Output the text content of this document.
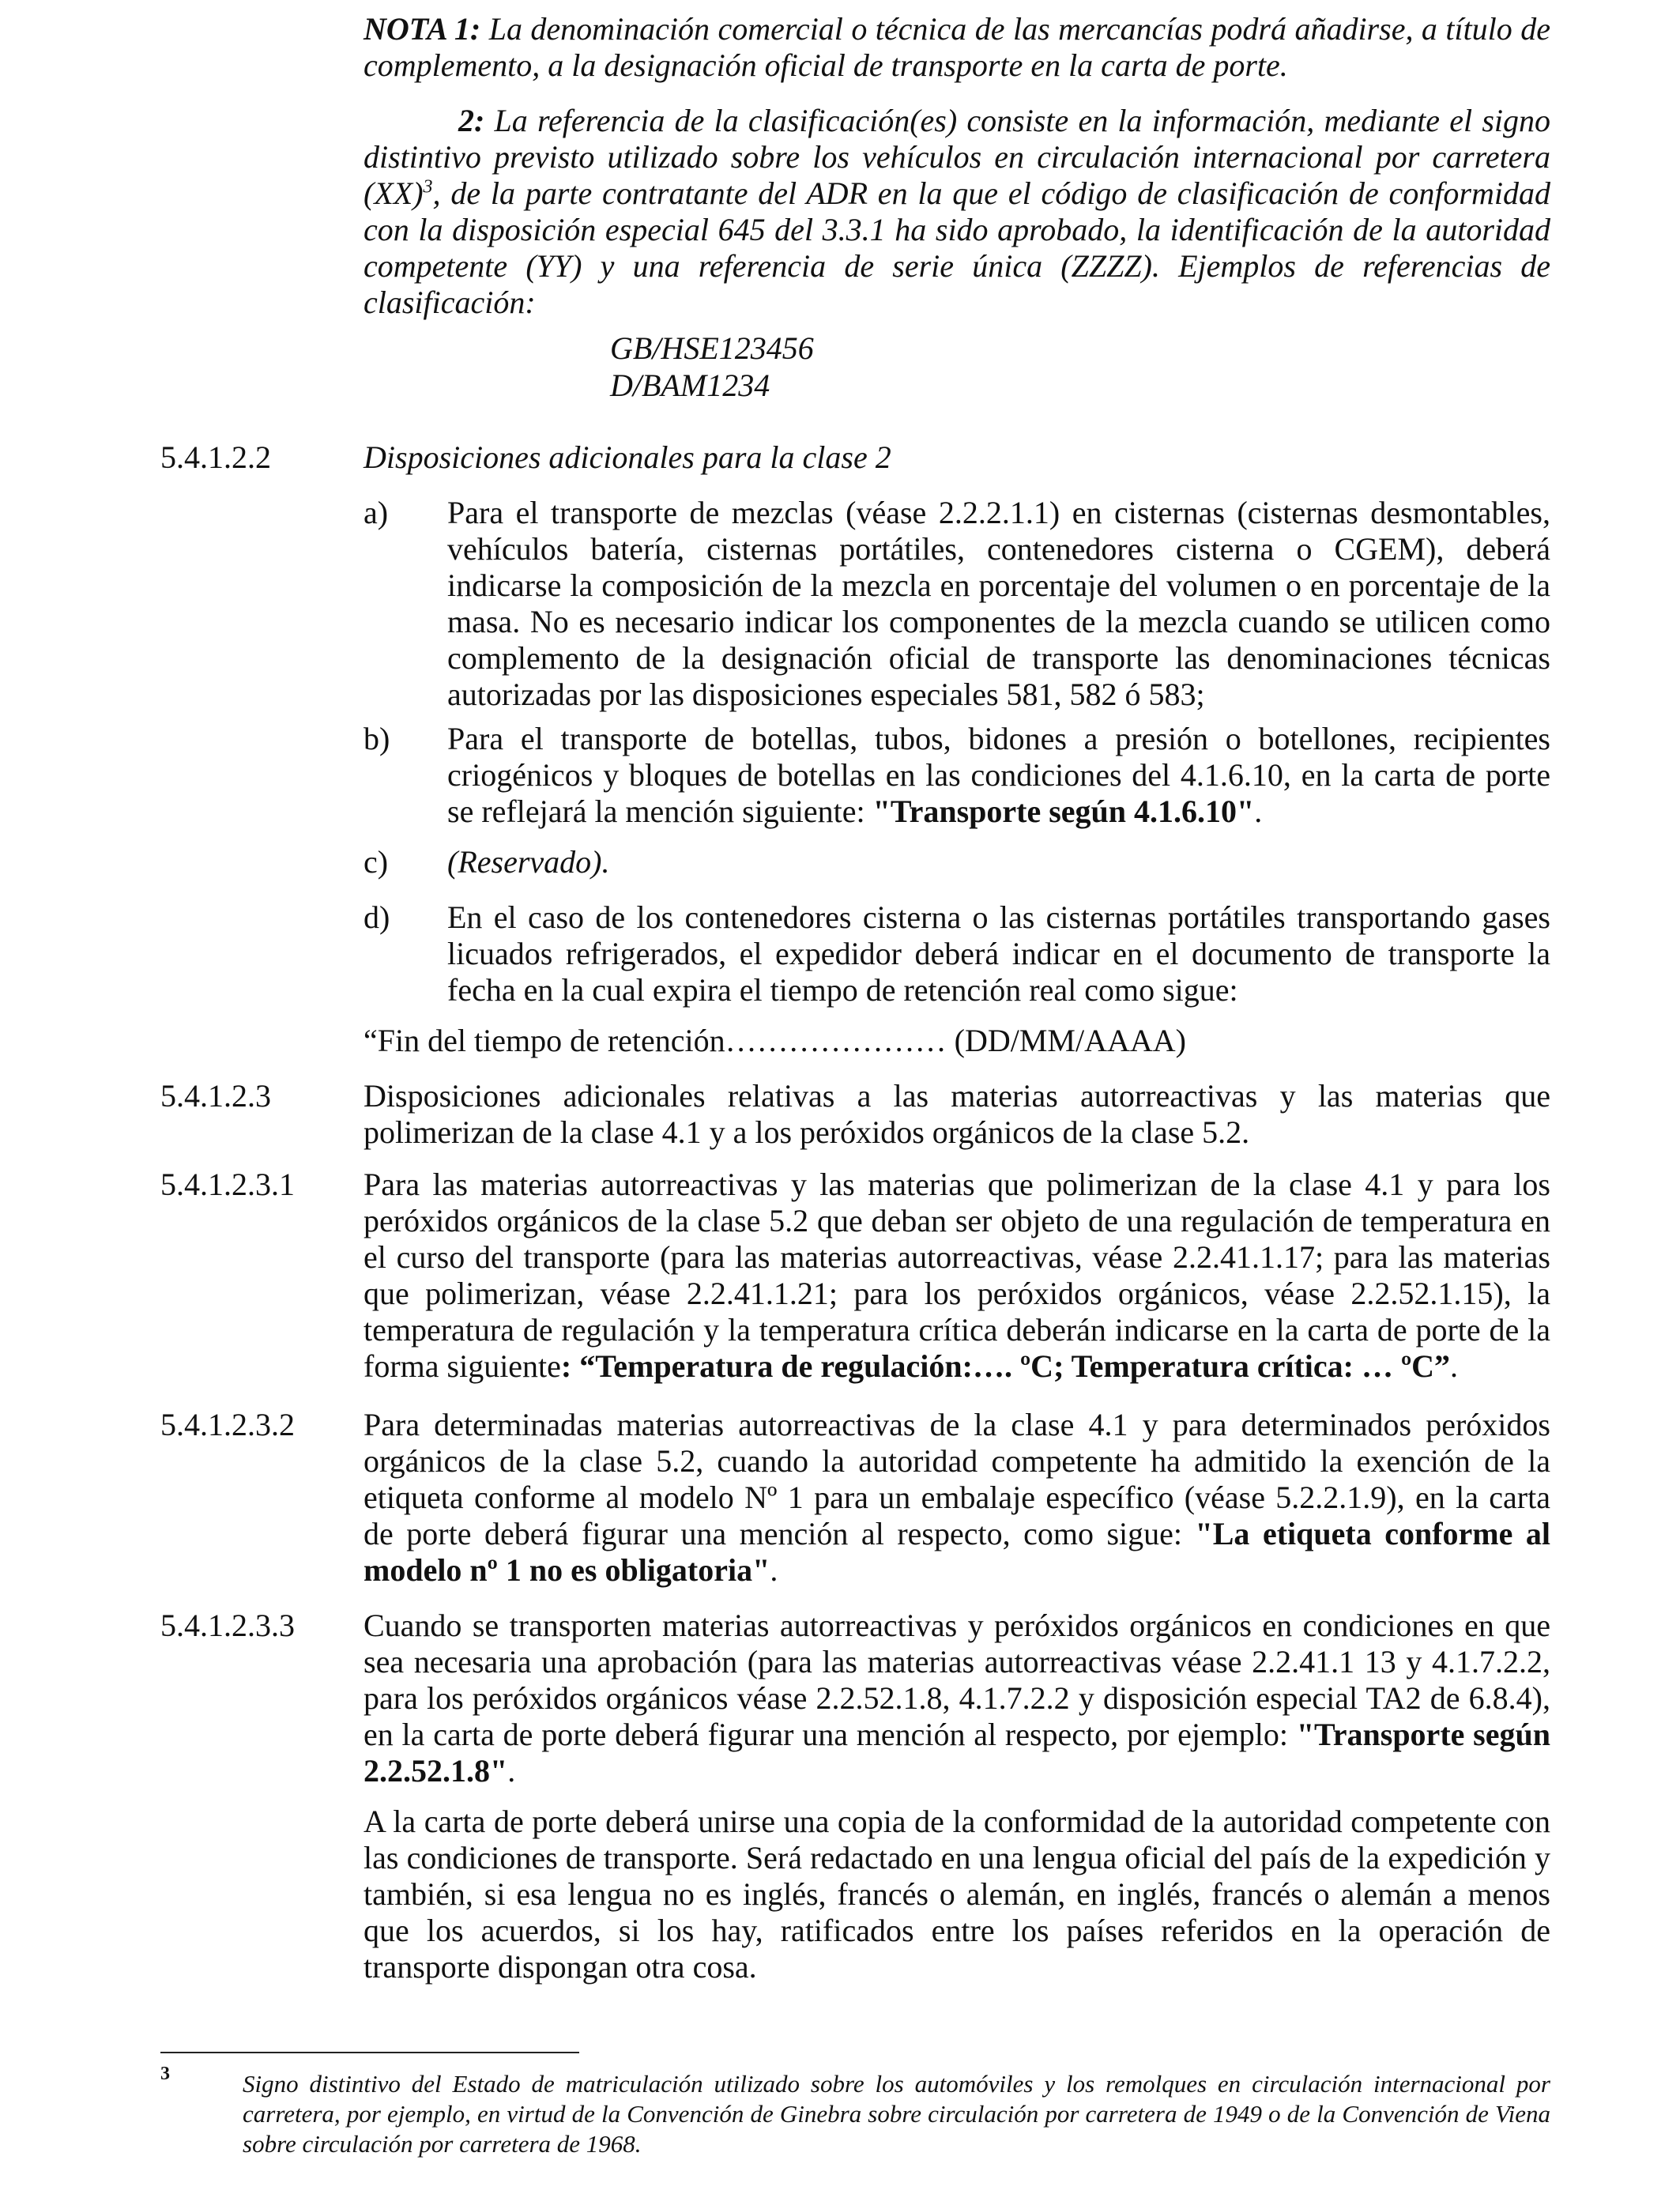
NOTA 1: La denominación comercial o técnica de las mercancías podrá añadirse, a título de complemento, a la designación oficial de transporte en la carta de porte.

2: La referencia de la clasificación(es) consiste en la información, mediante el signo distintivo previsto utilizado sobre los vehículos en circulación internacional por carretera (XX)$^3$, de la parte contratante del ADR en la que el código de clasificación de conformidad con la disposición especial 645 del 3.3.1 ha sido aprobado, la identificación de la autoridad competente (YY) y una referencia de serie única (ZZZZ). Ejemplos de referencias de clasificación:

GB/HSE123456
D/BAM1234
5.4.1.2.2	Disposiciones adicionales para la clase 2
a) Para el transporte de mezclas (véase 2.2.2.1.1) en cisternas (cisternas desmontables, vehículos batería, cisternas portátiles, contenedores cisterna o CGEM), deberá indicarse la composición de la mezcla en porcentaje del volumen o en porcentaje de la masa. No es necesario indicar los componentes de la mezcla cuando se utilicen como complemento de la designación oficial de transporte las denominaciones técnicas autorizadas por las disposiciones especiales 581, 582 ó 583;
b) Para el transporte de botellas, tubos, bidones a presión o botellones, recipientes criogénicos y bloques de botellas en las condiciones del 4.1.6.10, en la carta de porte se reflejará la mención siguiente: "Transporte según 4.1.6.10".
c) (Reservado).
d) En el caso de los contenedores cisterna o las cisternas portátiles transportando gases licuados refrigerados, el expedidor deberá indicar en el documento de transporte la fecha en la cual expira el tiempo de retención real como sigue:
“Fin del tiempo de retención………………… (DD/MM/AAAA)
5.4.1.2.3	Disposiciones adicionales relativas a las materias autorreactivas y las materias que polimerizan de la clase 4.1 y a los peróxidos orgánicos de la clase 5.2.

5.4.1.2.3.1 Para las materias autorreactivas y las materias que polimerizan de la clase 4.1 y para los peróxidos orgánicos de la clase 5.2 que deban ser objeto de una regulación de temperatura en el curso del transporte (para las materias autorreactivas, véase 2.2.41.1.17; para las materias que polimerizan, véase 2.2.41.1.21; para los peróxidos orgánicos, véase 2.2.52.1.15), la temperatura de regulación y la temperatura crítica deberán indicarse en la carta de porte de la forma siguiente: “Temperatura de regulación:…. ºC; Temperatura crítica: … ºC”.

5.4.1.2.3.2 Para determinadas materias autorreactivas de la clase 4.1 y para determinados peróxidos orgánicos de la clase 5.2, cuando la autoridad competente ha admitido la exención de la etiqueta conforme al modelo Nº 1 para un embalaje específico (véase 5.2.2.1.9), en la carta de porte deberá figurar una mención al respecto, como sigue: "La etiqueta conforme al modelo nº 1 no es obligatoria".

5.4.1.2.3.3 Cuando se transporten materias autorreactivas y peróxidos orgánicos en condiciones en que sea necesaria una aprobación (para las materias autorreactivas véase 2.2.41.1 13 y 4.1.7.2.2, para los peróxidos orgánicos véase 2.2.52.1.8, 4.1.7.2.2 y disposición especial TA2 de 6.8.4), en la carta de porte deberá figurar una mención al respecto, por ejemplo: "Transporte según 2.2.52.1.8".

A la carta de porte deberá unirse una copia de la conformidad de la autoridad competente con las condiciones de transporte. Será redactado en una lengua oficial del país de la expedición y también, si esa lengua no es inglés, francés o alemán, en inglés, francés o alemán a menos que los acuerdos, si los hay, ratificados entre los países referidos en la operación de transporte dispongan otra cosa.

3	Signo distintivo del Estado de matriculación utilizado sobre los automóviles y los remolques en circulación internacional por carretera, por ejemplo, en virtud de la Convención de Ginebra sobre circulación por carretera de 1949 o de la Convención de Viena sobre circulación por carretera de 1968.
